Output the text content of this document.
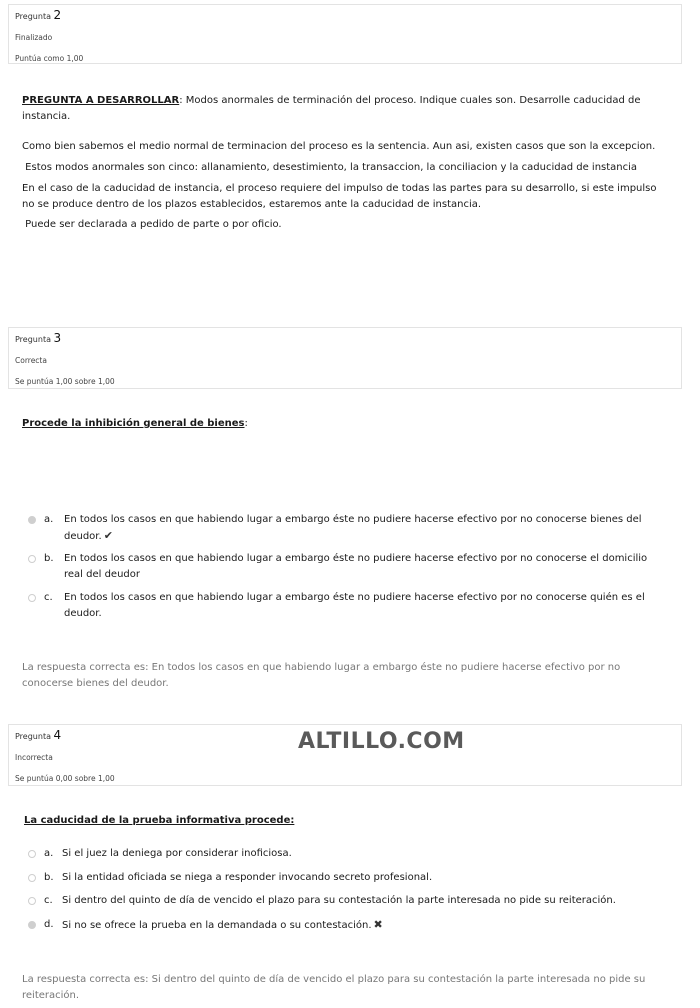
Pregunta 2
Finalizado
Puntúa como 1,00
PREGUNTA A DESARROLLAR: Modos anormales de terminación del proceso. Indique cuales son. Desarrolle caducidad de instancia.
Como bien sabemos el medio normal de terminacion del proceso es la sentencia. Aun asi, existen casos que son la excepcion.
Estos modos anormales son cinco: allanamiento, desestimiento, la transaccion, la conciliacion y la caducidad de instancia
En el caso de la caducidad de instancia, el proceso requiere del impulso de todas las partes para su desarrollo, si este impulso no se produce dentro de los plazos establecidos, estaremos ante la caducidad de instancia.
Puede ser declarada a pedido de parte o por oficio.
Pregunta 3
Correcta
Se puntúa 1,00 sobre 1,00
Procede la inhibición general de bienes:
a.	En todos los casos en que habiendo lugar a embargo éste no pudiere hacerse efectivo por no conocerse bienes del deudor. ✔
b.	En todos los casos en que habiendo lugar a embargo éste no pudiere hacerse efectivo por no conocerse el domicilio real del deudor
c.	En todos los casos en que habiendo lugar a embargo éste no pudiere hacerse efectivo por no conocerse quién es el deudor.
La respuesta correcta es: En todos los casos en que habiendo lugar a embargo éste no pudiere hacerse efectivo por no conocerse bienes del deudor.
Pregunta 4
Incorrecta
Se puntúa 0,00 sobre 1,00
ALTILLO.COM
La caducidad de la prueba informativa procede:
a. Si el juez la deniega por considerar inoficiosa.
b. Si la entidad oficiada se niega a responder invocando secreto profesional.
c. Si dentro del quinto de día de vencido el plazo para su contestación la parte interesada no pide su reiteración.
d. Si no se ofrece la prueba en la demandada o su contestación. ✖
La respuesta correcta es: Si dentro del quinto de día de vencido el plazo para su contestación la parte interesada no pide su reiteración.
